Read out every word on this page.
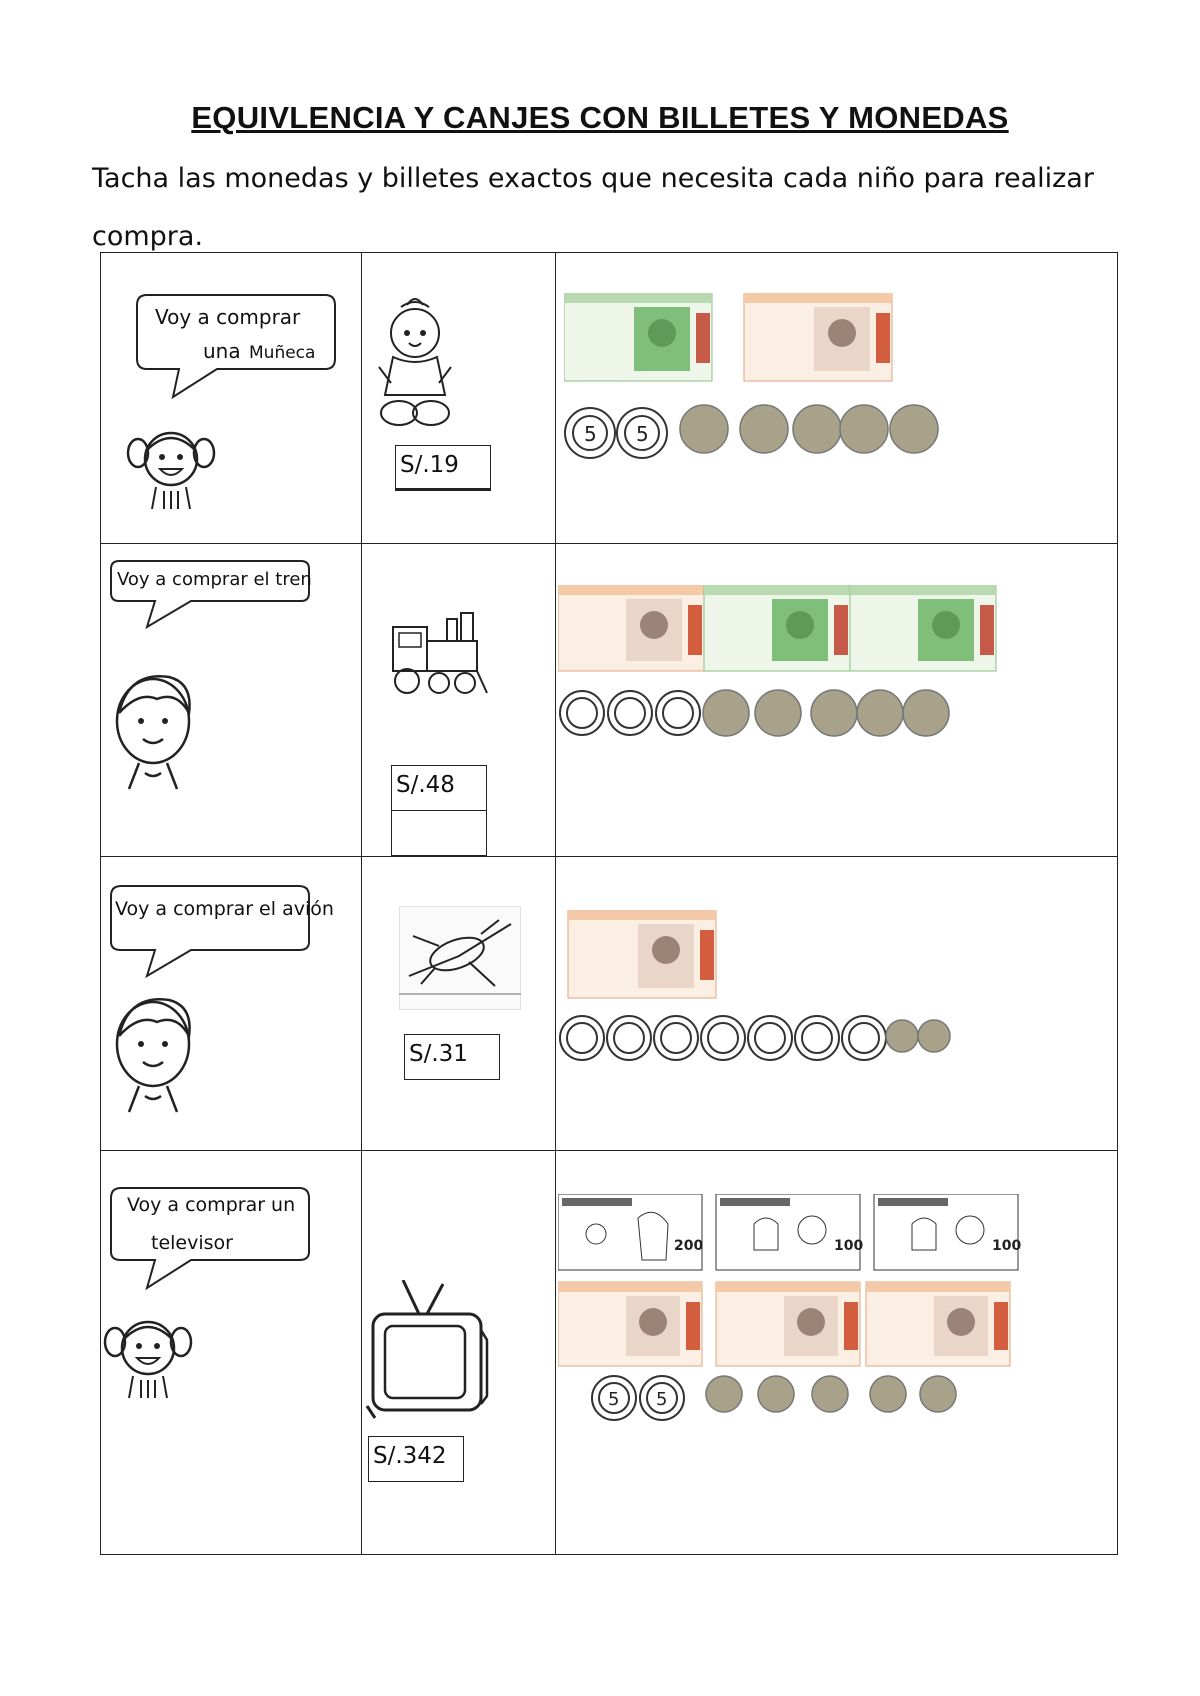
EQUIVLENCIA Y CANJES CON BILLETES Y MONEDAS
Tacha las monedas y billetes exactos que necesita cada niño para realizar
compra.
Voy a comprar
una Muñeca
S/.19
5 5
Voy a comprar el tren
S/.48
Voy a comprar el avión
S/.31
Voy a comprar un
televisor
S/.342
200	100	100
5 5
